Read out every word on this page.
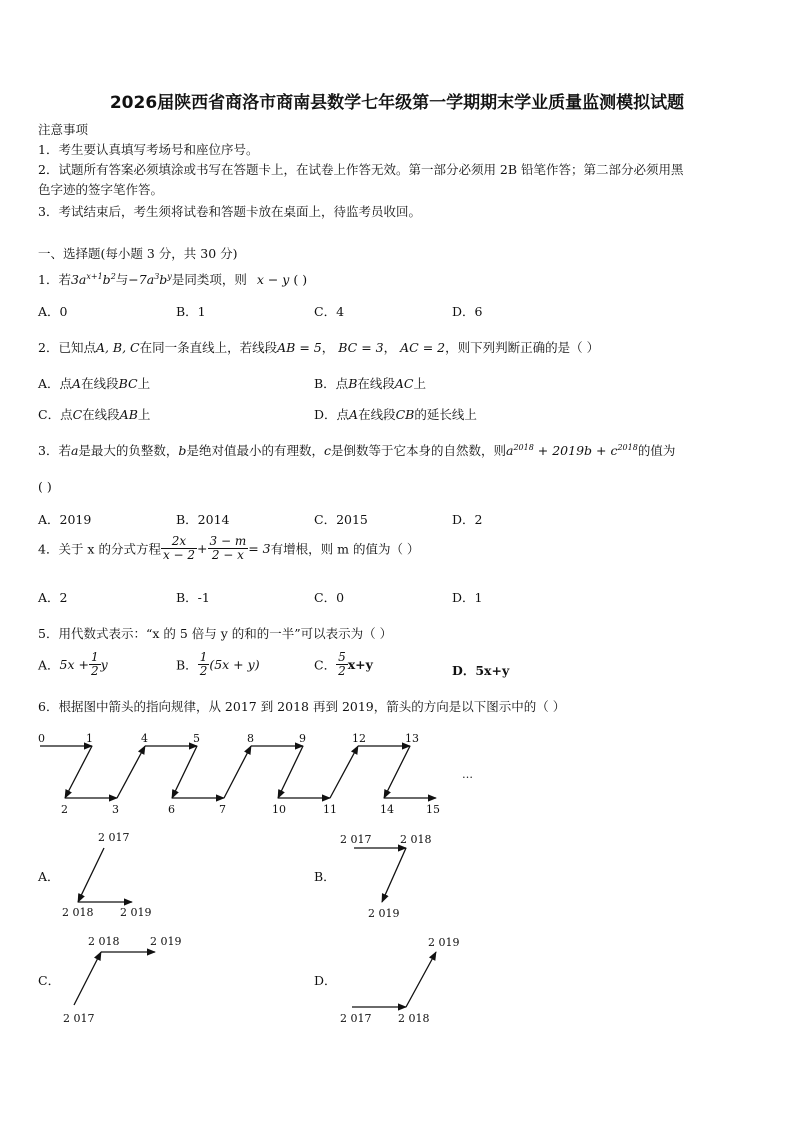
2026届陕西省商洛市商南县数学七年级第一学期期末学业质量监测模拟试题
注意事项
1．考生要认真填写考场号和座位序号。
2．试题所有答案必须填涂或书写在答题卡上，在试卷上作答无效。第一部分必须用 2B 铅笔作答；第二部分必须用黑
色字迹的签字笔作答。
3．考试结束后，考生须将试卷和答题卡放在桌面上，待监考员收回。
一、选择题(每小题 3 分，共 30 分)
1．若$3a^{x+1}b^2$与$-7a^3b^y$是同类项，则 x − y ( )
A．0	B．1	C．4	D．6
2．已知点A, B, C在同一条直线上，若线段AB = 5， BC = 3， AC = 2，则下列判断正确的是（ ）
A．点A在线段BC上	B．点B在线段AC上
C．点C在线段AB上	D．点A在线段CB的延长线上
3．若a是最大的负整数，b是绝对值最小的有理数，c是倒数等于它本身的自然数，则$a^{2018} + 2019b + c^{2018}$的值为
( )
A．2019	B．2014	C．2015	D．2
4．关于 x 的分式方程 $\frac{2x}{x - 2} + \frac{3 - m}{2 - x} = 3$有增根，则 m 的值为（ ）
A．2	B．-1	C．0	D．1
5．用代数式表示：“x 的 5 倍与 y 的和的一半”可以表示为（ ）
A．$5x + \frac{1}{2}$ y	B． $\frac{1}{2} (5x + y)$	C． $\frac{5}{2} x+y$	D．5x+y
6．根据图中箭头的指向规律，从 2017 到 2018 再到 2019，箭头的方向是以下图示中的（ ）
0	1	4	5	8	9	12	13
2	3	6	7	10	11	14	15
…
A．
2 017
2 018 2 019
B．
2 017	2 018
2 019
C．
2 018	2 019
2 017
D．
2 019
2 017 2 018
